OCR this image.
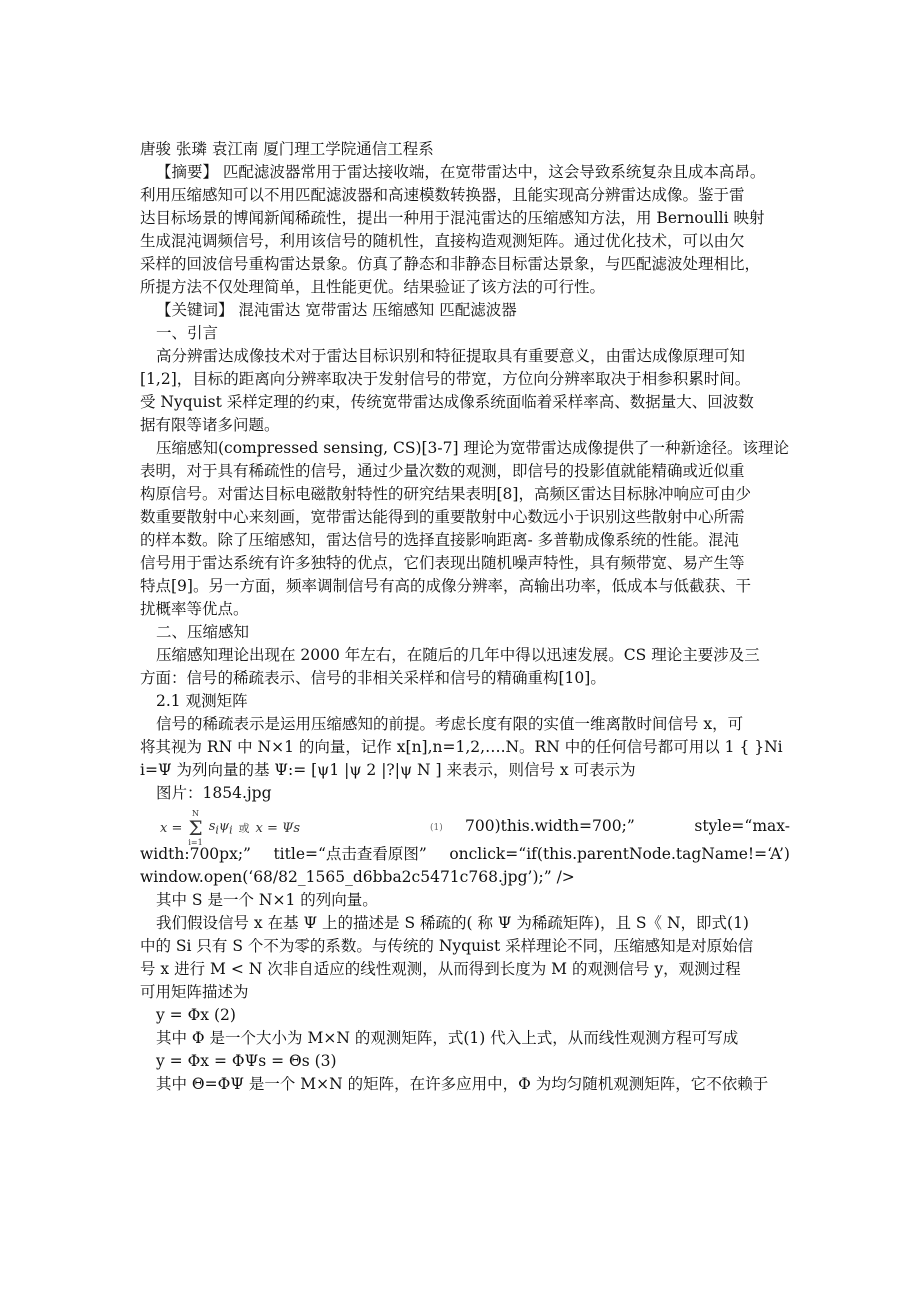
唐骏 张璘 袁江南 厦门理工学院通信工程系
【摘要】 匹配滤波器常用于雷达接收端，在宽带雷达中，这会导致系统复杂且成本高昂。
利用压缩感知可以不用匹配滤波器和高速模数转换器，且能实现高分辨雷达成像。鉴于雷
达目标场景的博闻新闻稀疏性，提出一种用于混沌雷达的压缩感知方法，用 Bernoulli 映射
生成混沌调频信号，利用该信号的随机性，直接构造观测矩阵。通过优化技术，可以由欠
采样的回波信号重构雷达景象。仿真了静态和非静态目标雷达景象，与匹配滤波处理相比，
所提方法不仅处理简单，且性能更优。结果验证了该方法的可行性。
【关键词】 混沌雷达 宽带雷达 压缩感知 匹配滤波器
一、引言
高分辨雷达成像技术对于雷达目标识别和特征提取具有重要意义，由雷达成像原理可知
[1,2]，目标的距离向分辨率取决于发射信号的带宽，方位向分辨率取决于相参积累时间。
受 Nyquist 采样定理的约束，传统宽带雷达成像系统面临着采样率高、数据量大、回波数
据有限等诸多问题。
压缩感知(compressed sensing, CS)[3-7] 理论为宽带雷达成像提供了一种新途径。该理论
表明，对于具有稀疏性的信号，通过少量次数的观测，即信号的投影值就能精确或近似重
构原信号。对雷达目标电磁散射特性的研究结果表明[8]，高频区雷达目标脉冲响应可由少
数重要散射中心来刻画，宽带雷达能得到的重要散射中心数远小于识别这些散射中心所需
的样本数。除了压缩感知，雷达信号的选择直接影响距离- 多普勒成像系统的性能。混沌
信号用于雷达系统有许多独特的优点，它们表现出随机噪声特性，具有频带宽、易产生等
特点[9]。另一方面，频率调制信号有高的成像分辨率，高输出功率，低成本与低截获、干
扰概率等优点。
二、压缩感知
压缩感知理论出现在 2000 年左右，在随后的几年中得以迅速发展。CS 理论主要涉及三
方面：信号的稀疏表示、信号的非相关采样和信号的精确重构[10]。
2.1 观测矩阵
信号的稀疏表示是运用压缩感知的前提。考虑长度有限的实值一维离散时间信号 x，可
将其视为 RN 中 N×1 的向量，记作 x[n],n=1,2,….N。RN 中的任何信号都可用以 1 { }Ni
i=Ψ 为列向量的基 Ψ:= [ψ1 |ψ 2 |?|ψ N ] 来表示，则信号 x 可表示为
图片：1854.jpg
x =
N
Σ
i=1
$s_i\psi_i$ 或 x = Ψs	(1) 700)this.width=700;”	style=“max-
width:700px;” title=“点击查看原图” onclick=“if(this.parentNode.tagName!=‘A’)
window.open(‘68/82_1565_d6bba2c5471c768.jpg’);” />
其中 S 是一个 N×1 的列向量。
我们假设信号 x 在基 Ψ 上的描述是 S 稀疏的( 称 Ψ 为稀疏矩阵)，且 S《 N，即式(1)
中的 Si 只有 S 个不为零的系数。与传统的 Nyquist 采样理论不同，压缩感知是对原始信
号 x 进行 M < N 次非自适应的线性观测，从而得到长度为 M 的观测信号 y，观测过程
可用矩阵描述为
y = Φx (2)
其中 Φ 是一个大小为 M×N 的观测矩阵，式(1) 代入上式，从而线性观测方程可写成
y = Φx = ΦΨs = Θs (3)
其中 Θ=ΦΨ 是一个 M×N 的矩阵，在许多应用中，Φ 为均匀随机观测矩阵，它不依赖于
